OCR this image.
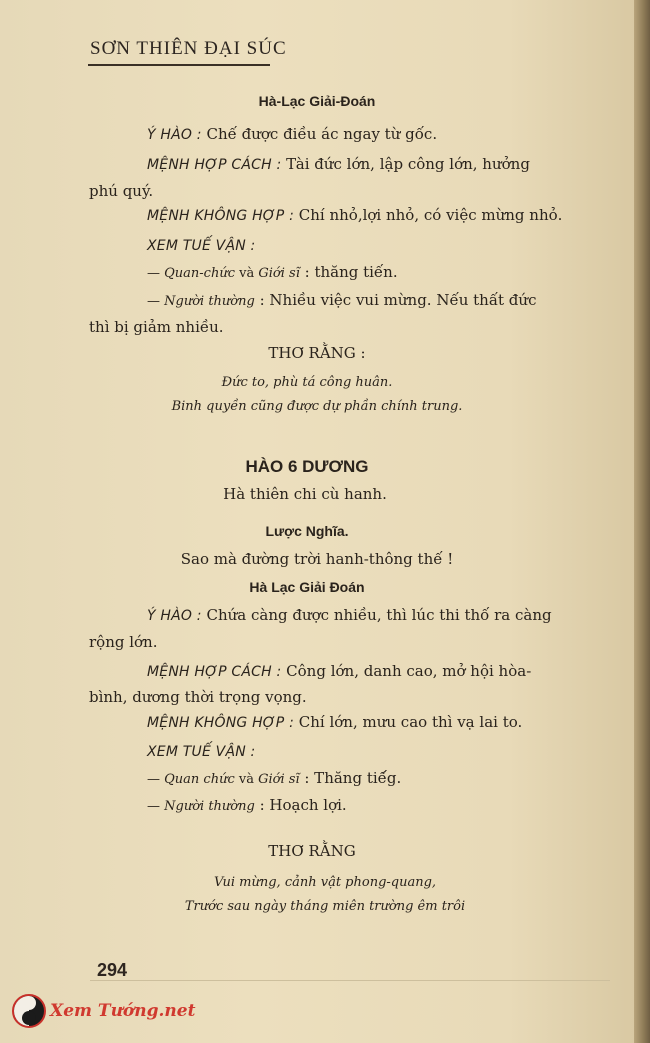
SƠN THIÊN ĐẠI SÚC
Hà-Lạc Giải-Đoán
Ý HÀO : Chế được điều ác ngay từ gốc.
MỆNH HỢP CÁCH : Tài đức lớn, lập công lớn, hưởng
phú quý.
MỆNH KHÔNG HỢP : Chí nhỏ,lợi nhỏ, có việc mừng nhỏ.
XEM TUẾ VẬN :
— Quan-chức và Giới sĩ : thăng tiến.
— Người thường : Nhiều việc vui mừng. Nếu thất đức
thì bị giảm nhiều.
THƠ RẰNG :
Đức to, phù tá công huân.
Binh quyền cũng được dự phần chính trung.
HÀO 6 DƯƠNG
Hà thiên chi cù hanh.
Lược Nghĩa.
Sao mà đường trời hanh-thông thế !
Hà Lạc Giải Đoán
Ý HÀO : Chứa càng được nhiều, thì lúc thi thố ra càng
rộng lớn.
MỆNH HỢP CÁCH : Công lớn, danh cao, mở hội hòa-
bình, dương thời trọng vọng.
MỆNH KHÔNG HỢP : Chí lớn, mưu cao thì vạ lai to.
XEM TUẾ VẬN :
— Quan chức và Giới sĩ : Thăng tiế́g.
— Người thường : Hoạch lợi.
THƠ RẰNG
Vui mừng, cảnh vật phong-quang,
Trước sau ngày tháng miên trường êm trôi
294
Xem Tướng.net
